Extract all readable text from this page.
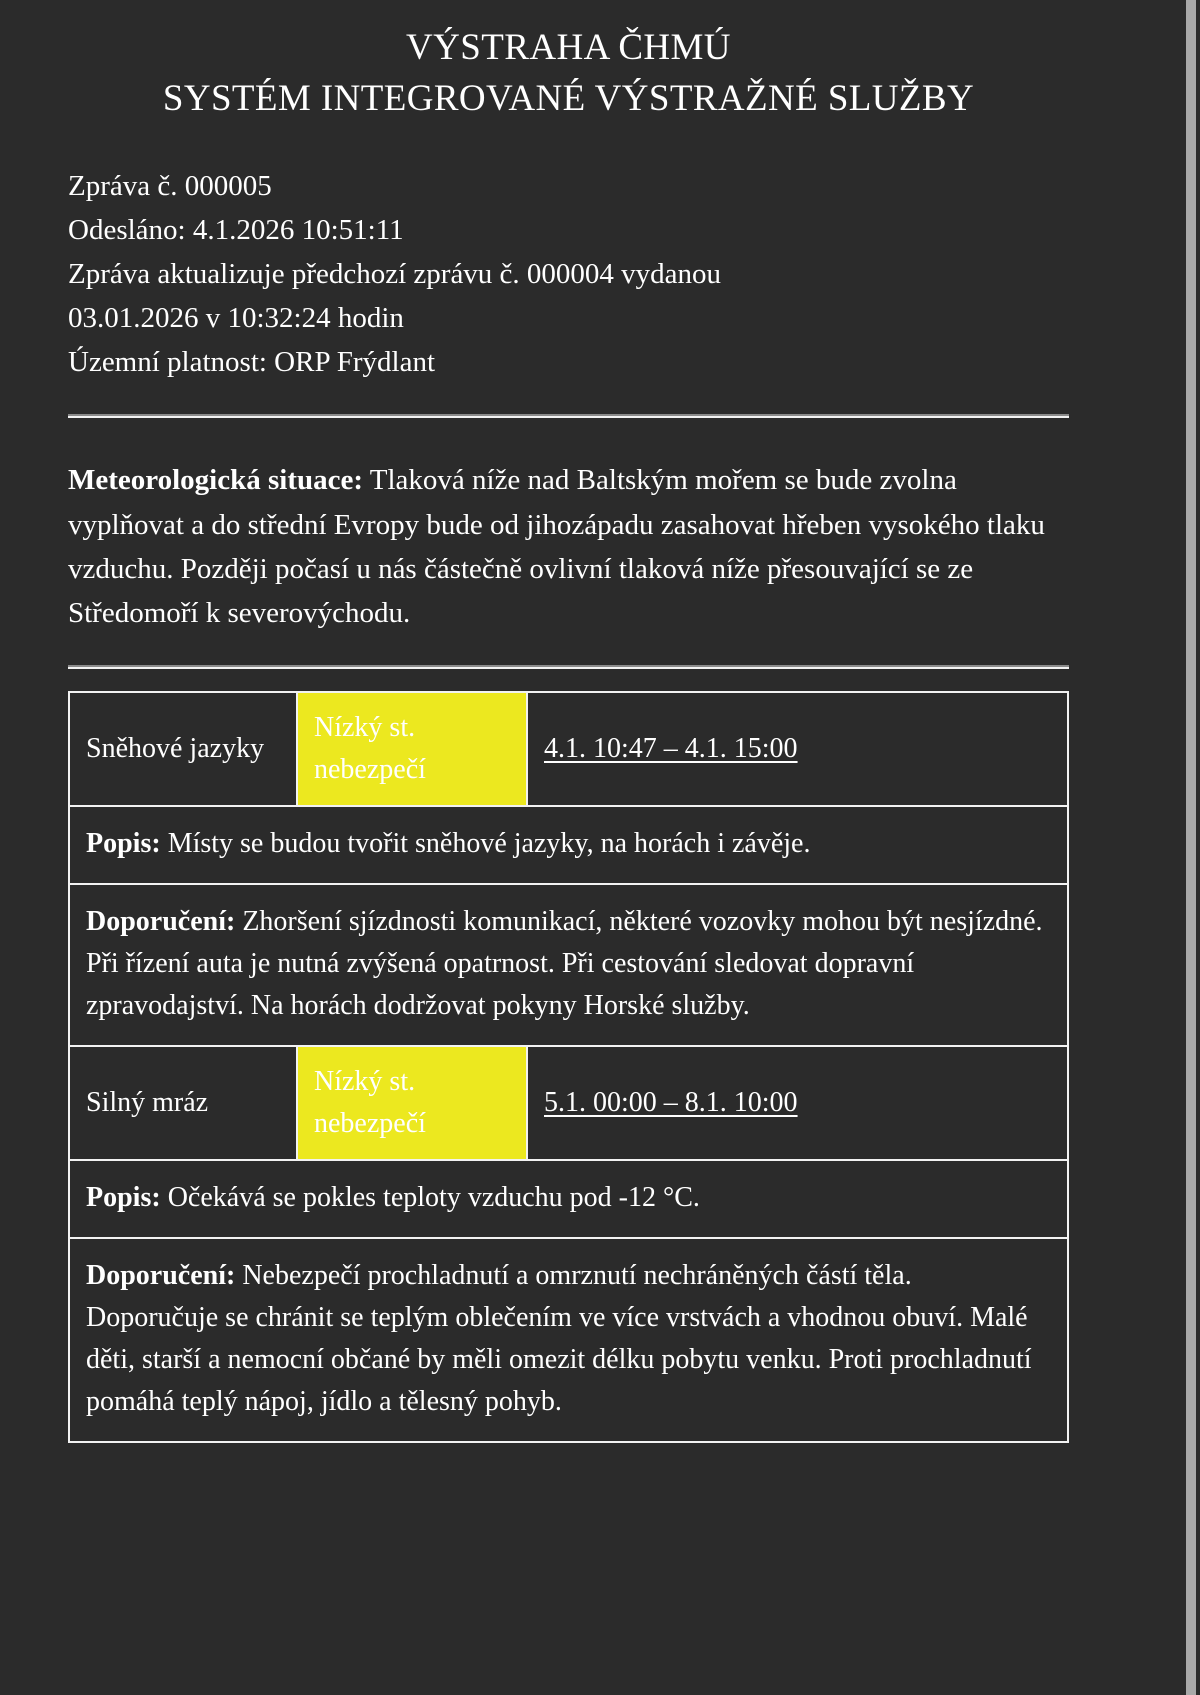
VÝSTRAHA ČHMÚ
SYSTÉM INTEGROVANÉ VÝSTRAŽNÉ SLUŽBY
Zpráva č. 000005
Odesláno: 4.1.2026 10:51:11
Zpráva aktualizuje předchozí zprávu č. 000004 vydanou
03.01.2026 v 10:32:24 hodin
Územní platnost: ORP Frýdlant

Meteorologická situace: Tlaková níže nad Baltským mořem se bude zvolna vyplňovat a do střední Evropy bude od jihozápadu zasahovat hřeben vysokého tlaku vzduchu. Později počasí u nás částečně ovlivní tlaková níže přesouvající se ze Středomoří k severovýchodu.

Sněhové jazyky	Nízký st. nebezpečí	4.1. 10:47 – 4.1. 15:00
Popis: Místy se budou tvořit sněhové jazyky, na horách i závěje.		
Doporučení: Zhoršení sjízdnosti komunikací, některé vozovky mohou být nesjízdné. Při řízení auta je nutná zvýšená opatrnost. Při cestování sledovat dopravní zpravodajství. Na horách dodržovat pokyny Horské služby.		
Silný mráz	Nízký st. nebezpečí	5.1. 00:00 – 8.1. 10:00
Popis: Očekává se pokles teploty vzduchu pod -12 °C.		
Doporučení: Nebezpečí prochladnutí a omrznutí nechráněných částí těla. Doporučuje se chránit se teplým oblečením ve více vrstvách a vhodnou obuví. Malé děti, starší a nemocní občané by měli omezit délku pobytu venku. Proti prochladnutí pomáhá teplý nápoj, jídlo a tělesný pohyb.		
